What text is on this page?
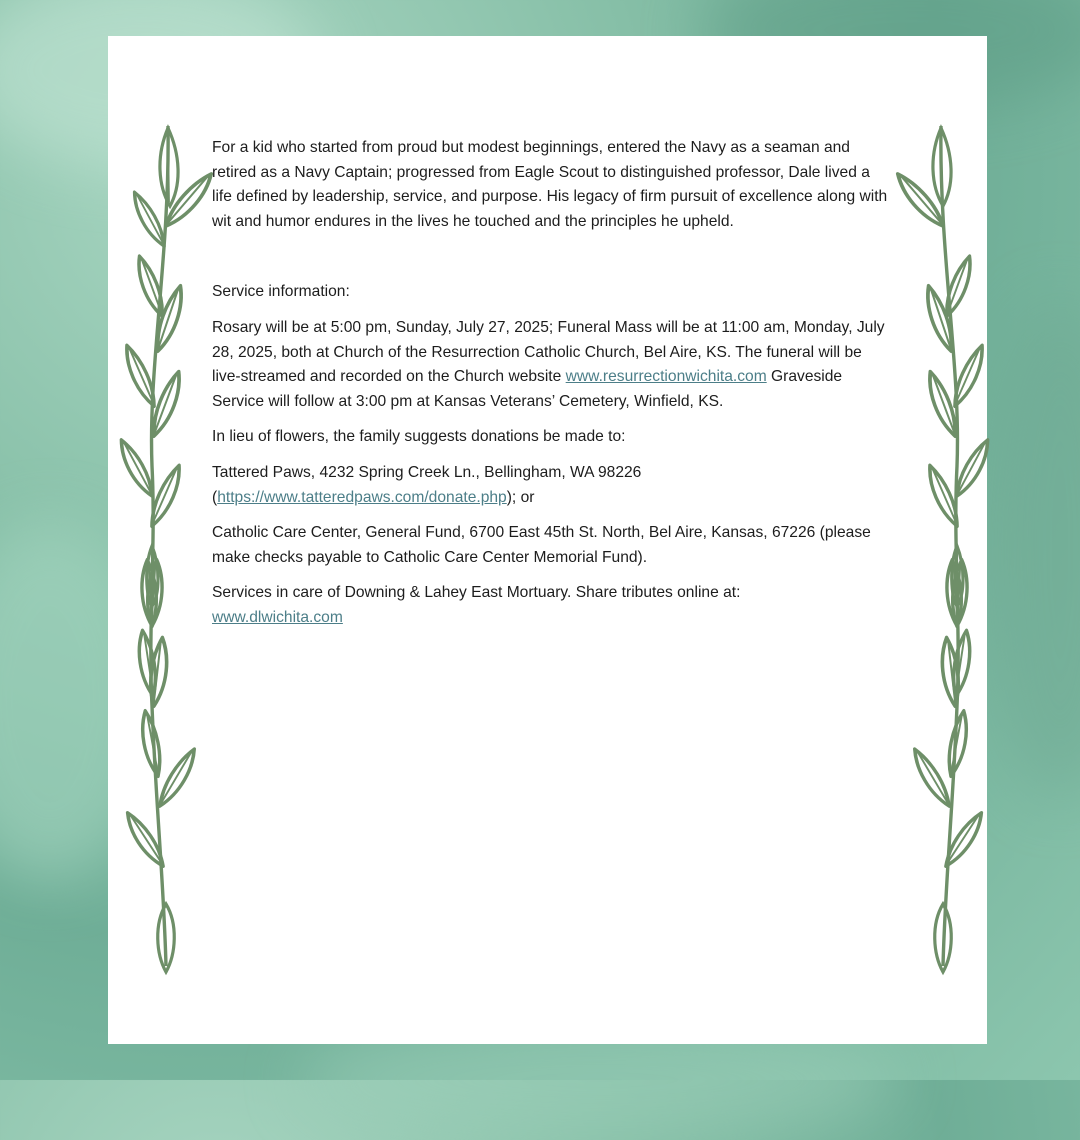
For a kid who started from proud but modest beginnings, entered the Navy as a seaman and retired as a Navy Captain; progressed from Eagle Scout to distinguished professor, Dale lived a life defined by leadership, service, and purpose. His legacy of firm pursuit of excellence along with wit and humor endures in the lives he touched and the principles he upheld.

Service information:

Rosary will be at 5:00 pm, Sunday, July 27, 2025; Funeral Mass will be at 11:00 am, Monday, July 28, 2025, both at Church of the Resurrection Catholic Church, Bel Aire, KS. The funeral will be live-streamed and recorded on the Church website www.resurrectionwichita.com Graveside Service will follow at 3:00 pm at Kansas Veterans’ Cemetery, Winfield, KS.

In lieu of flowers, the family suggests donations be made to:

Tattered Paws, 4232 Spring Creek Ln., Bellingham, WA 98226
(https://www.tatteredpaws.com/donate.php); or

Catholic Care Center, General Fund, 6700 East 45th St. North, Bel Aire, Kansas, 67226 (please make checks payable to Catholic Care Center Memorial Fund).

Services in care of Downing & Lahey East Mortuary. Share tributes online at:
www.dlwichita.com
